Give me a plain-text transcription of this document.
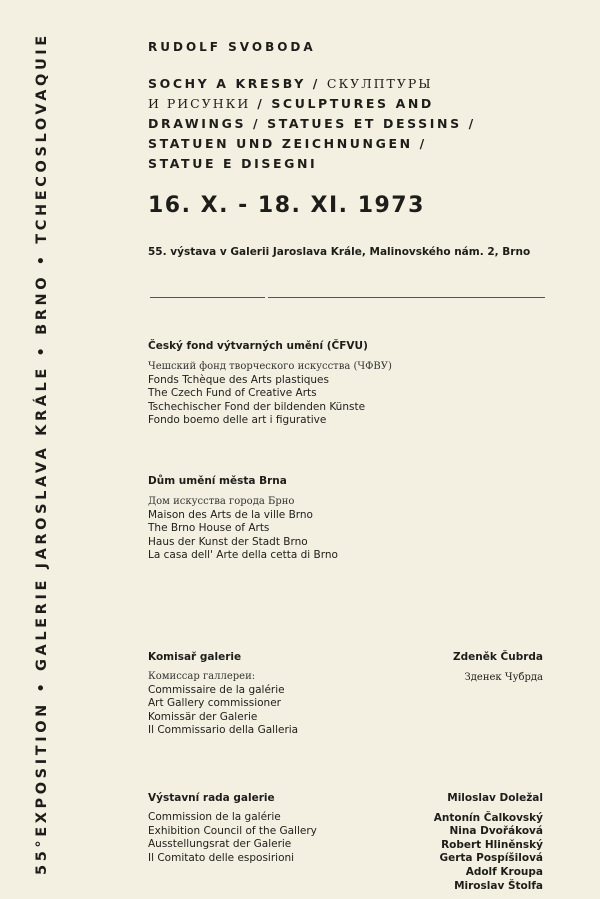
55°EXPOSITION • GALERIE JAROSLAVA KRÁLE • BRNO • TCHECOSLOVAQUIE	RUDOLF SVOBODA
SOCHY A KRESBY / СКУЛПТУРЫ
И РИСУНКИ / SCULPTURES AND
DRAWINGS / STATUES ET DESSINS /
STATUEN UND ZEICHNUNGEN /
STATUE E DISEGNI
16. X. - 18. XI. 1973
55. výstava v Galerii Jaroslava Krále, Malinovského nám. 2, Brno
Český fond výtvarných umění (ČFVU)
Чешский фонд творческого искусства (ЧФВУ)
Fonds Tchèque des Arts plastiques
The Czech Fund of Creative Arts
Tschechischer Fond der bildenden Künste
Fondo boemo delle art i figurative
Dům umění města Brna
Дом искусства города Брно
Maison des Arts de la ville Brno
The Brno House of Arts
Haus der Kunst der Stadt Brno
La casa dell' Arte della cetta di Brno
Komisař galerie
Комиссар галлереи:
Commissaire de la galérie
Art Gallery commissioner
Komissär der Galerie
Il Commissario della Galleria
Zdeněk Čubrda
Зденек Чубрда
Výstavní rada galerie
Commission de la galérie
Exhibition Council of the Gallery
Ausstellungsrat der Galerie
Il Comitato delle esposirioni
Miloslav Doležal
Antonín Čalkovský
Nina Dvořáková
Robert Hliněnský
Gerta Pospíšilová
Adolf Kroupa
Miroslav Štolfa
